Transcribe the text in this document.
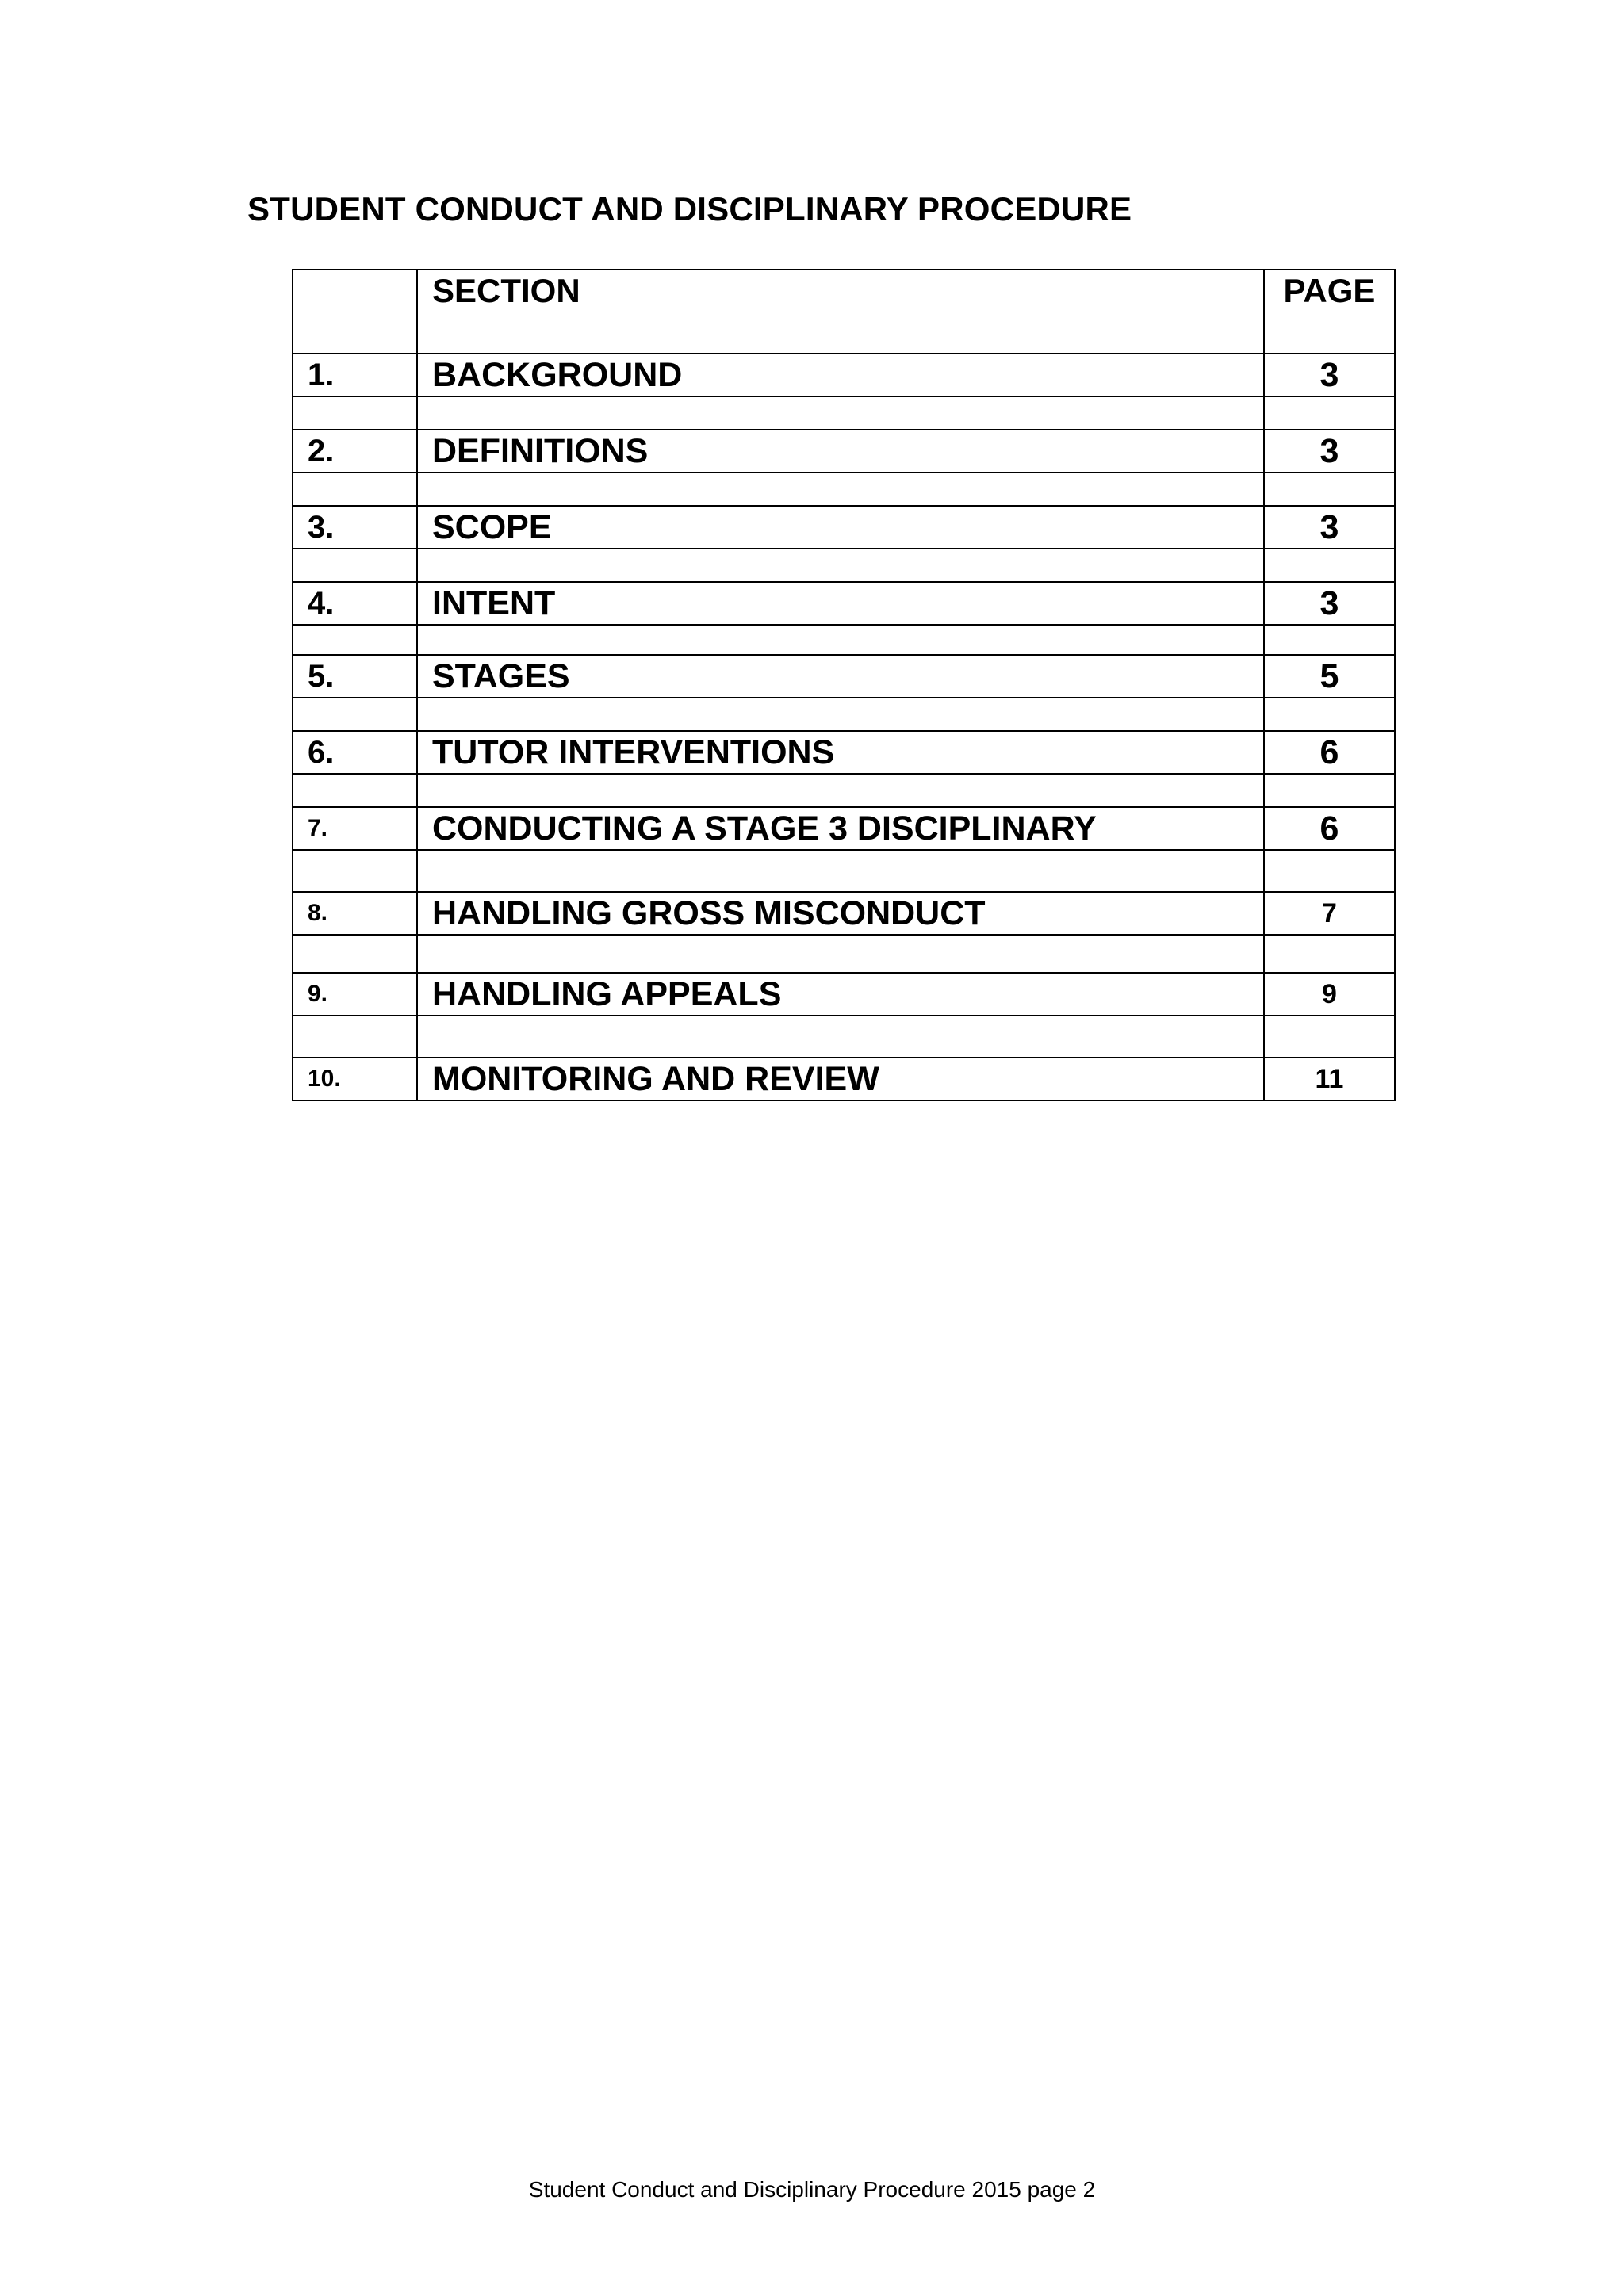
STUDENT CONDUCT AND DISCIPLINARY PROCEDURE
	SECTION	PAGE
1.	BACKGROUND	3

2.	DEFINITIONS	3

3.	SCOPE	3

4.	INTENT	3

5.	STAGES	5

6.	TUTOR INTERVENTIONS	6

7.	CONDUCTING A STAGE 3 DISCIPLINARY	6

8.	HANDLING GROSS MISCONDUCT	7

9.	HANDLING APPEALS	9

10.	MONITORING AND REVIEW	11
Student Conduct and Disciplinary Procedure 2015 page 2
